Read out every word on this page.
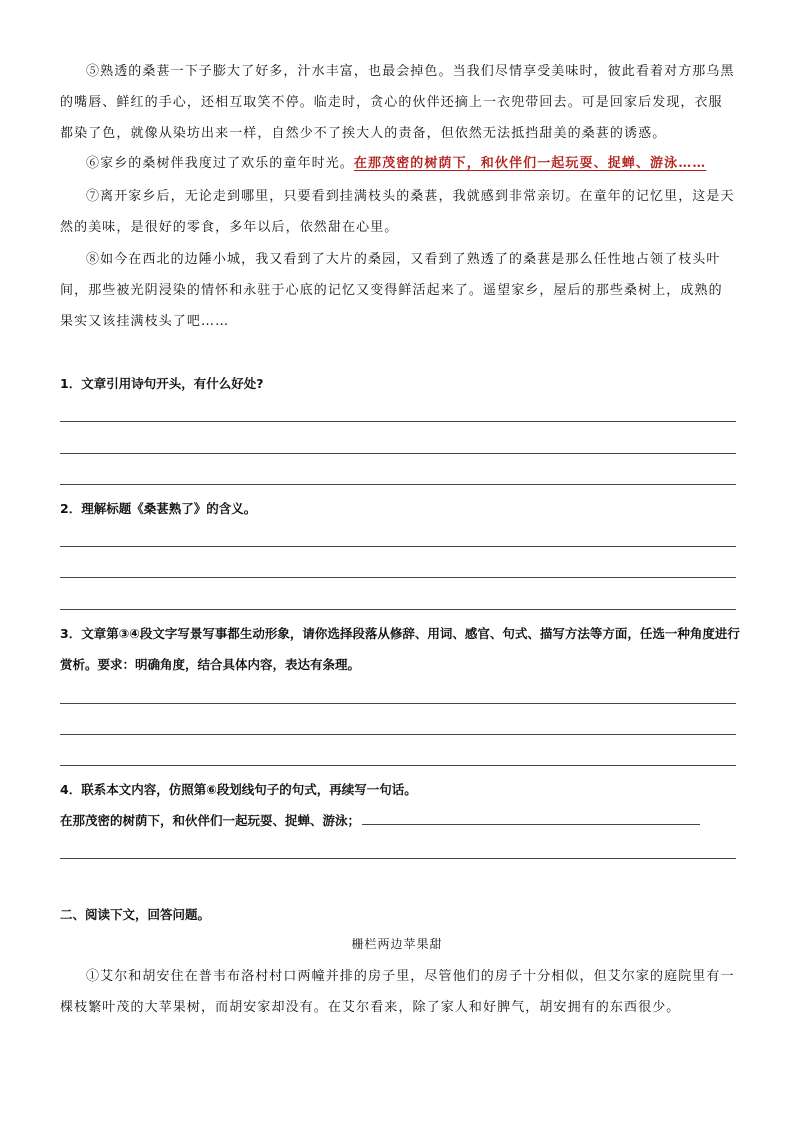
⑤熟透的桑葚一下子膨大了好多，汁水丰富，也最会掉色。当我们尽情享受美味时，彼此看着对方那乌黑的嘴唇、鲜红的手心，还相互取笑不停。临走时，贪心的伙伴还摘上一衣兜带回去。可是回家后发现，衣服都染了色，就像从染坊出来一样，自然少不了挨大人的责备，但依然无法抵挡甜美的桑葚的诱惑。

⑥家乡的桑树伴我度过了欢乐的童年时光。在那茂密的树荫下，和伙伴们一起玩耍、捉蝉、游泳……

⑦离开家乡后，无论走到哪里，只要看到挂满枝头的桑葚，我就感到非常亲切。在童年的记忆里，这是天然的美味，是很好的零食，多年以后，依然甜在心里。

⑧如今在西北的边陲小城，我又看到了大片的桑园，又看到了熟透了的桑葚是那么任性地占领了枝头叶间，那些被光阴浸染的情怀和永驻于心底的记忆又变得鲜活起来了。遥望家乡，屋后的那些桑树上，成熟的果实又该挂满枝头了吧……

1．文章引用诗句开头，有什么好处?

2．理解标题《桑葚熟了》的含义。

3．文章第③④段文字写景写事都生动形象，请你选择段落从修辞、用词、感官、句式、描写方法等方面，任选一种角度进行赏析。要求：明确角度，结合具体内容，表达有条理。

4．联系本文内容，仿照第⑥段划线句子的句式，再续写一句话。

在那茂密的树荫下，和伙伴们一起玩耍、捉蝉、游泳；

二、阅读下文，回答问题。

栅栏两边苹果甜

①艾尔和胡安住在普韦布洛村村口两幢并排的房子里，尽管他们的房子十分相似，但艾尔家的庭院里有一棵枝繁叶茂的大苹果树，而胡安家却没有。在艾尔看来，除了家人和好脾气，胡安拥有的东西很少。
